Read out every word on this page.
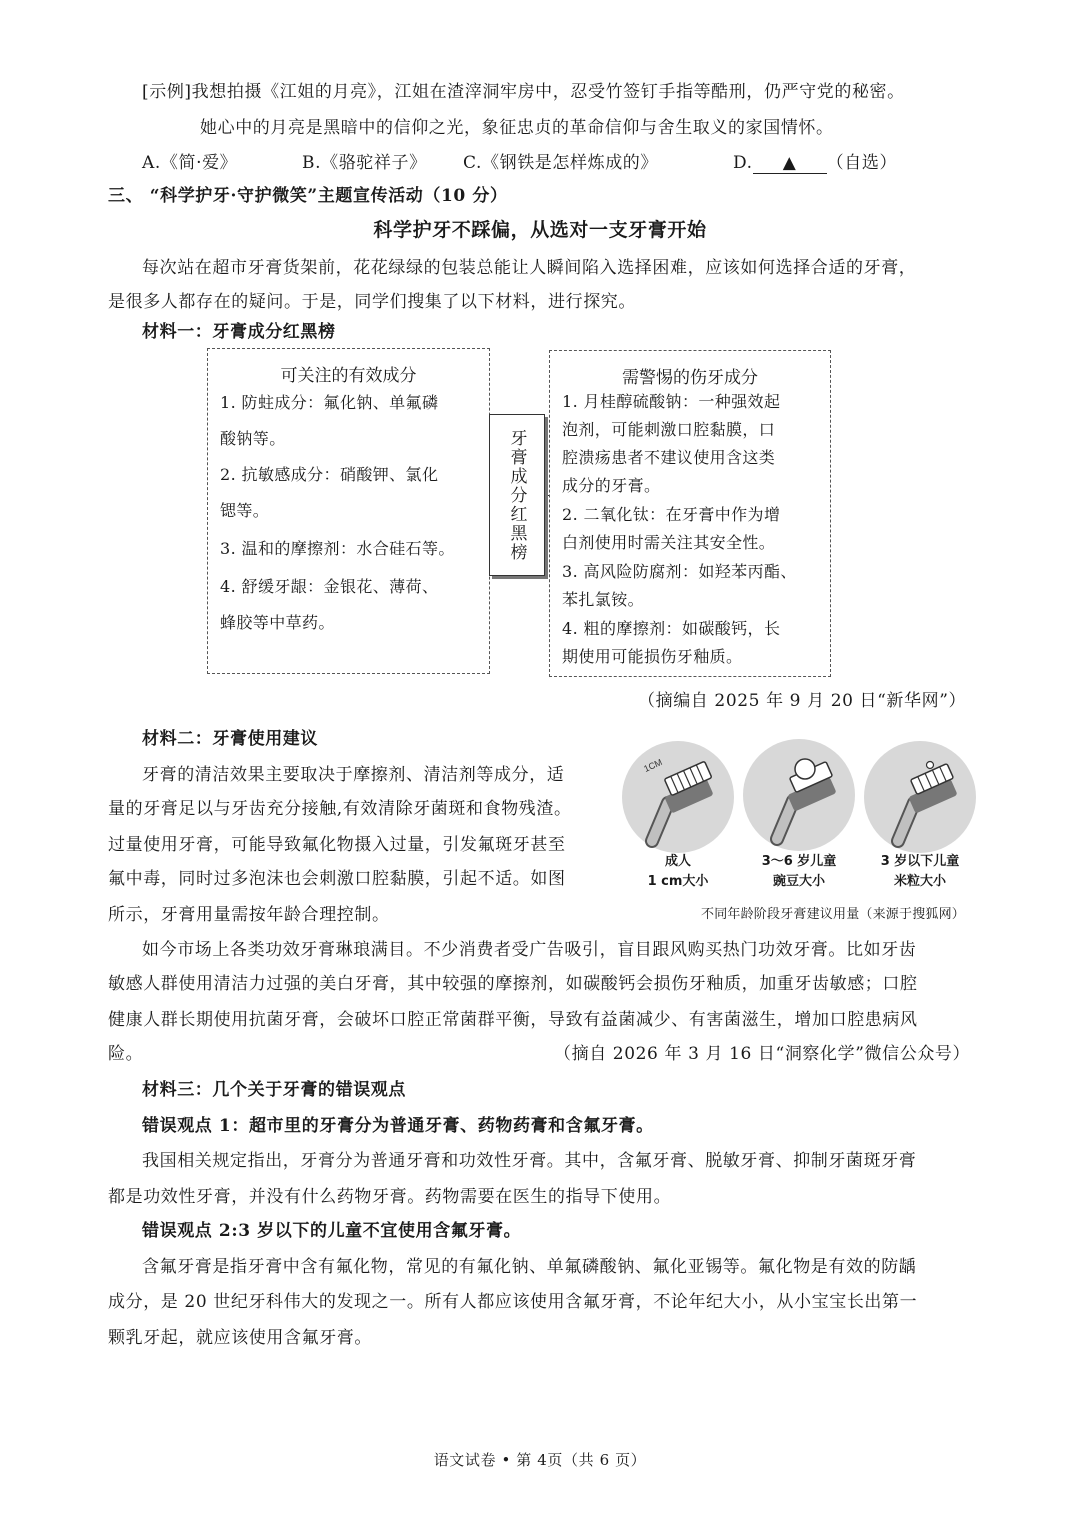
[示例]我想拍摄《江姐的月亮》，江姐在渣滓洞牢房中，忍受竹签钉手指等酷刑，仍严守党的秘密。
她心中的月亮是黑暗中的信仰之光，象征忠贞的革命信仰与舍生取义的家国情怀。
A.《简·爱》	B.《骆驼祥子》 C.《钢铁是怎样炼成的》	D. ▲ （自选）
三、 “科学护牙·守护微笑”主题宣传活动（10 分）
科学护牙不踩偏，从选对一支牙膏开始
每次站在超市牙膏货架前，花花绿绿的包装总能让人瞬间陷入选择困难，应该如何选择合适的牙膏，
是很多人都存在的疑问。于是，同学们搜集了以下材料，进行探究。
材料一：牙膏成分红黑榜
可关注的有效成分
1. 防蛀成分：氟化钠、单氟磷
酸钠等。
2. 抗敏感成分：硝酸钾、氯化
锶等。
3. 温和的摩擦剂：水合硅石等。
4. 舒缓牙龈：金银花、薄荷、
蜂胶等中草药。
牙膏成分红黑榜
需警惕的伤牙成分
1. 月桂醇硫酸钠：一种强效起
泡剂，可能刺激口腔黏膜，口
腔溃疡患者不建议使用含这类
成分的牙膏。
2. 二氧化钛：在牙膏中作为增
白剂使用时需关注其安全性。
3. 高风险防腐剂：如羟苯丙酯、
苯扎氯铵。
4. 粗的摩擦剂：如碳酸钙，长
期使用可能损伤牙釉质。
（摘编自 2025 年 9 月 20 日“新华网”）
材料二：牙膏使用建议
牙膏的清洁效果主要取决于摩擦剂、清洁剂等成分，适
量的牙膏足以与牙齿充分接触,有效清除牙菌斑和食物残渣。
过量使用牙膏，可能导致氟化物摄入过量，引发氟斑牙甚至
氟中毒，同时过多泡沫也会刺激口腔黏膜，引起不适。如图
所示，牙膏用量需按年龄合理控制。
1CM
成人
1 cm大小
3～6 岁儿童
豌豆大小
3 岁以下儿童
米粒大小
不同年龄阶段牙膏建议用量（来源于搜狐网）
如今市场上各类功效牙膏琳琅满目。不少消费者受广告吸引，盲目跟风购买热门功效牙膏。比如牙齿
敏感人群使用清洁力过强的美白牙膏，其中较强的摩擦剂，如碳酸钙会损伤牙釉质，加重牙齿敏感；口腔
健康人群长期使用抗菌牙膏，会破坏口腔正常菌群平衡，导致有益菌减少、有害菌滋生，增加口腔患病风
险。	（摘自 2026 年 3 月 16 日“洞察化学”微信公众号）
材料三：几个关于牙膏的错误观点
错误观点 1：超市里的牙膏分为普通牙膏、药物药膏和含氟牙膏。
我国相关规定指出，牙膏分为普通牙膏和功效性牙膏。其中，含氟牙膏、脱敏牙膏、抑制牙菌斑牙膏
都是功效性牙膏，并没有什么药物牙膏。药物需要在医生的指导下使用。
错误观点 2:3 岁以下的儿童不宜使用含氟牙膏。
含氟牙膏是指牙膏中含有氟化物，常见的有氟化钠、单氟磷酸钠、氟化亚锡等。氟化物是有效的防龋
成分，是 20 世纪牙科伟大的发现之一。所有人都应该使用含氟牙膏，不论年纪大小，从小宝宝长出第一
颗乳牙起，就应该使用含氟牙膏。
语文试卷 • 第 4页（共 6 页）
